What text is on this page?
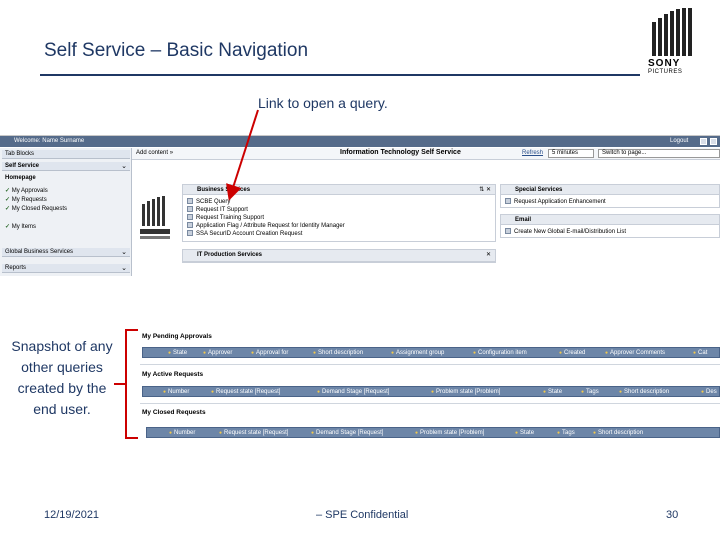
Self Service – Basic Navigation
SONY
PICTURES
Link to open a query.
Welcome: Name Surname	Logout
Tab Blocks
Self Service	⌄
Homepage
✓ My Approvals
✓ My Requests
✓ My Closed Requests
✓ My Items
Global Business Services	⌄
Reports	⌄
Add content »	Information Technology Self Service	Refresh	5 minutes	Switch to page...
Business Services	⇅ ✕
SCBE Query
Request IT Support
Request Training Support
Application Flag / Attribute Request for Identity Manager
SSA SecurID Account Creation Request
IT Production Services	✕
Special Services
Request Application Enhancement
Email
Create New Global E-mail/Distribution List
My Pending Approvals
● State	● Approver	● Approval for	● Short description	● Assignment group	● Configuration item	● Created	● Approver Comments	● Cat
My Active Requests
● Number	● Request state [Request]	● Demand Stage [Request]	● Problem state [Problem]	● State	● Tags	● Short description	● Des
My Closed Requests
● Number	● Request state [Request]	● Demand Stage [Request]	● Problem state [Problem]	● State	● Tags	● Short description
Snapshot of any other queries created by the end user.
12/19/2021	– SPE Confidential	30
